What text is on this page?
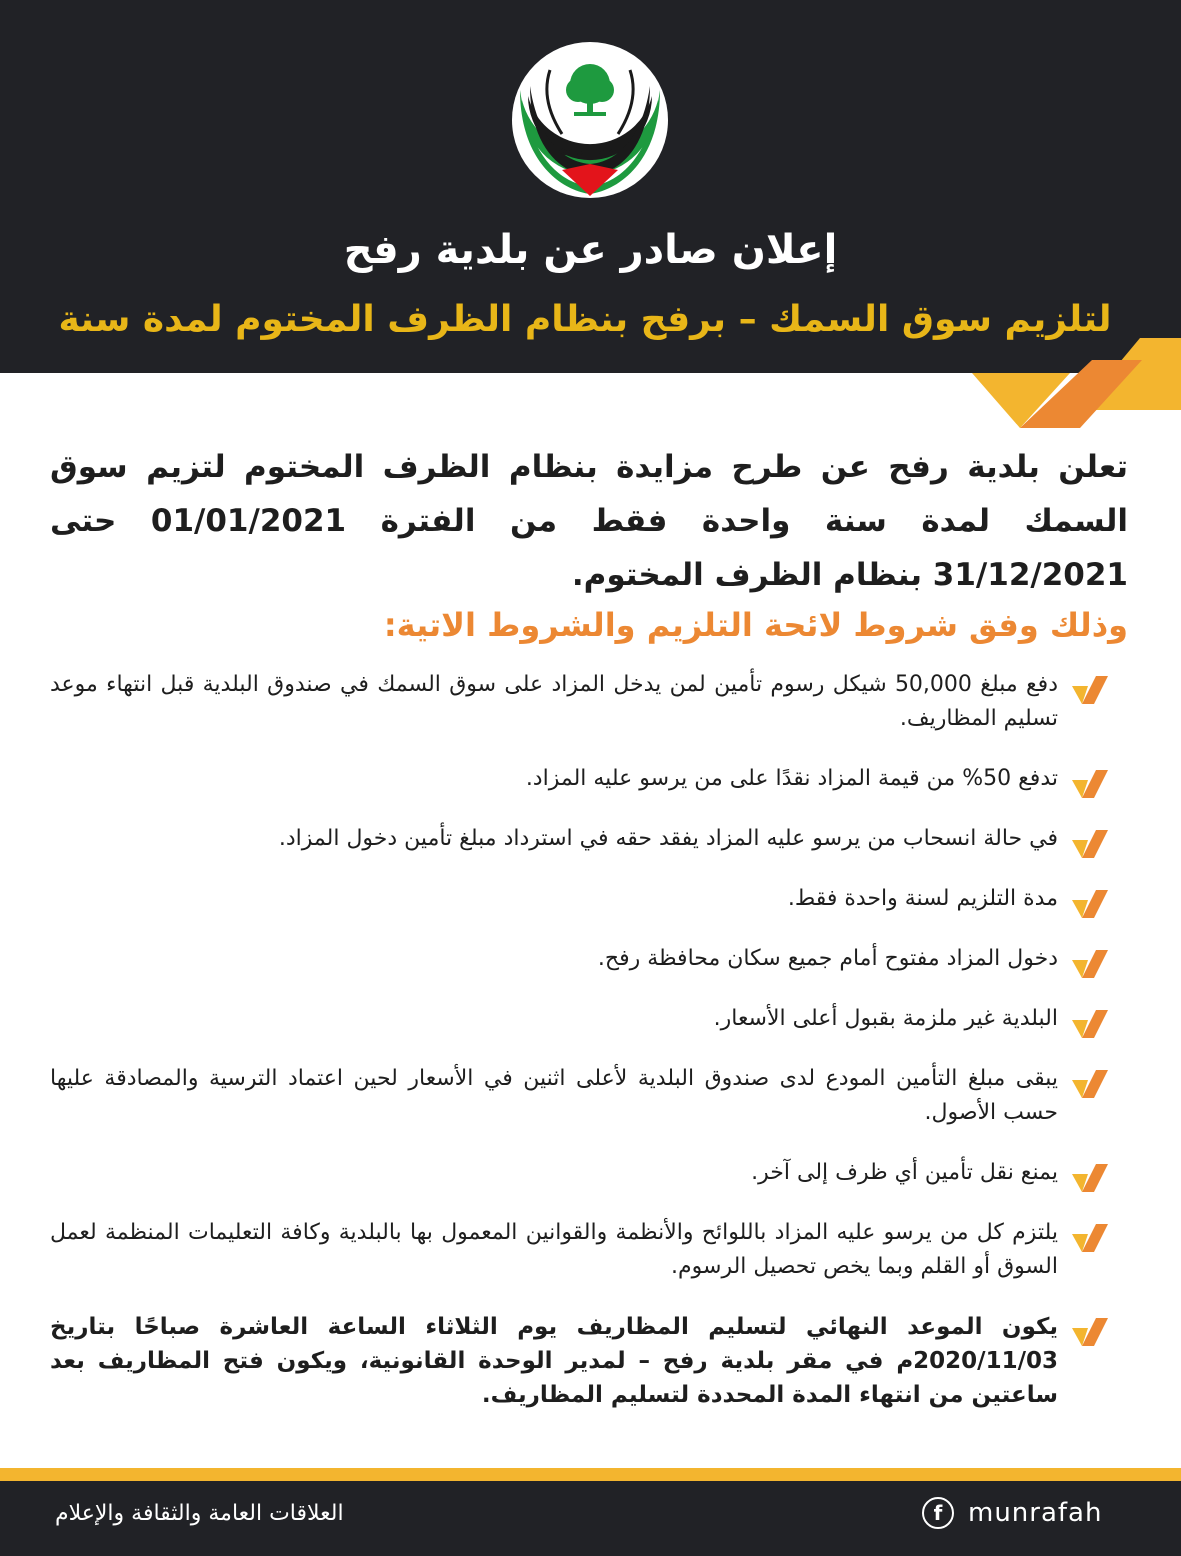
بلدية رفح
إعلان صادر عن بلدية رفح
لتلزيم سوق السمك – برفح بنظام الظرف المختوم لمدة سنة
تعلن بلدية رفح عن طرح مزايدة بنظام الظرف المختوم لتزيم سوق السمك لمدة سنة واحدة فقط من الفترة 01/01/2021 حتى 31/12/2021 بنظام الظرف المختوم.
وذلك وفق شروط لائحة التلزيم والشروط الاتية:
دفع مبلغ 50,000 شيكل رسوم تأمين لمن يدخل المزاد على سوق السمك في صندوق البلدية قبل انتهاء موعد تسليم المظاريف.
تدفع 50% من قيمة المزاد نقدًا على من يرسو عليه المزاد.
في حالة انسحاب من يرسو عليه المزاد يفقد حقه في استرداد مبلغ تأمين دخول المزاد.
مدة التلزيم لسنة واحدة فقط.
دخول المزاد مفتوح أمام جميع سكان محافظة رفح.
البلدية غير ملزمة بقبول أعلى الأسعار.
يبقى مبلغ التأمين المودع لدى صندوق البلدية لأعلى اثنين في الأسعار لحين اعتماد الترسية والمصادقة عليها حسب الأصول.
يمنع نقل تأمين أي ظرف إلى آخر.
يلتزم كل من يرسو عليه المزاد باللوائح والأنظمة والقوانين المعمول بها بالبلدية وكافة التعليمات المنظمة لعمل السوق أو القلم وبما يخص تحصيل الرسوم.
يكون الموعد النهائي لتسليم المظاريف يوم الثلاثاء الساعة العاشرة صباحًا بتاريخ 2020/11/03م في مقر بلدية رفح – لمدير الوحدة القانونية، ويكون فتح المظاريف بعد ساعتين من انتهاء المدة المحددة لتسليم المظاريف.
العلاقات العامة والثقافة والإعلام	f munrafah
